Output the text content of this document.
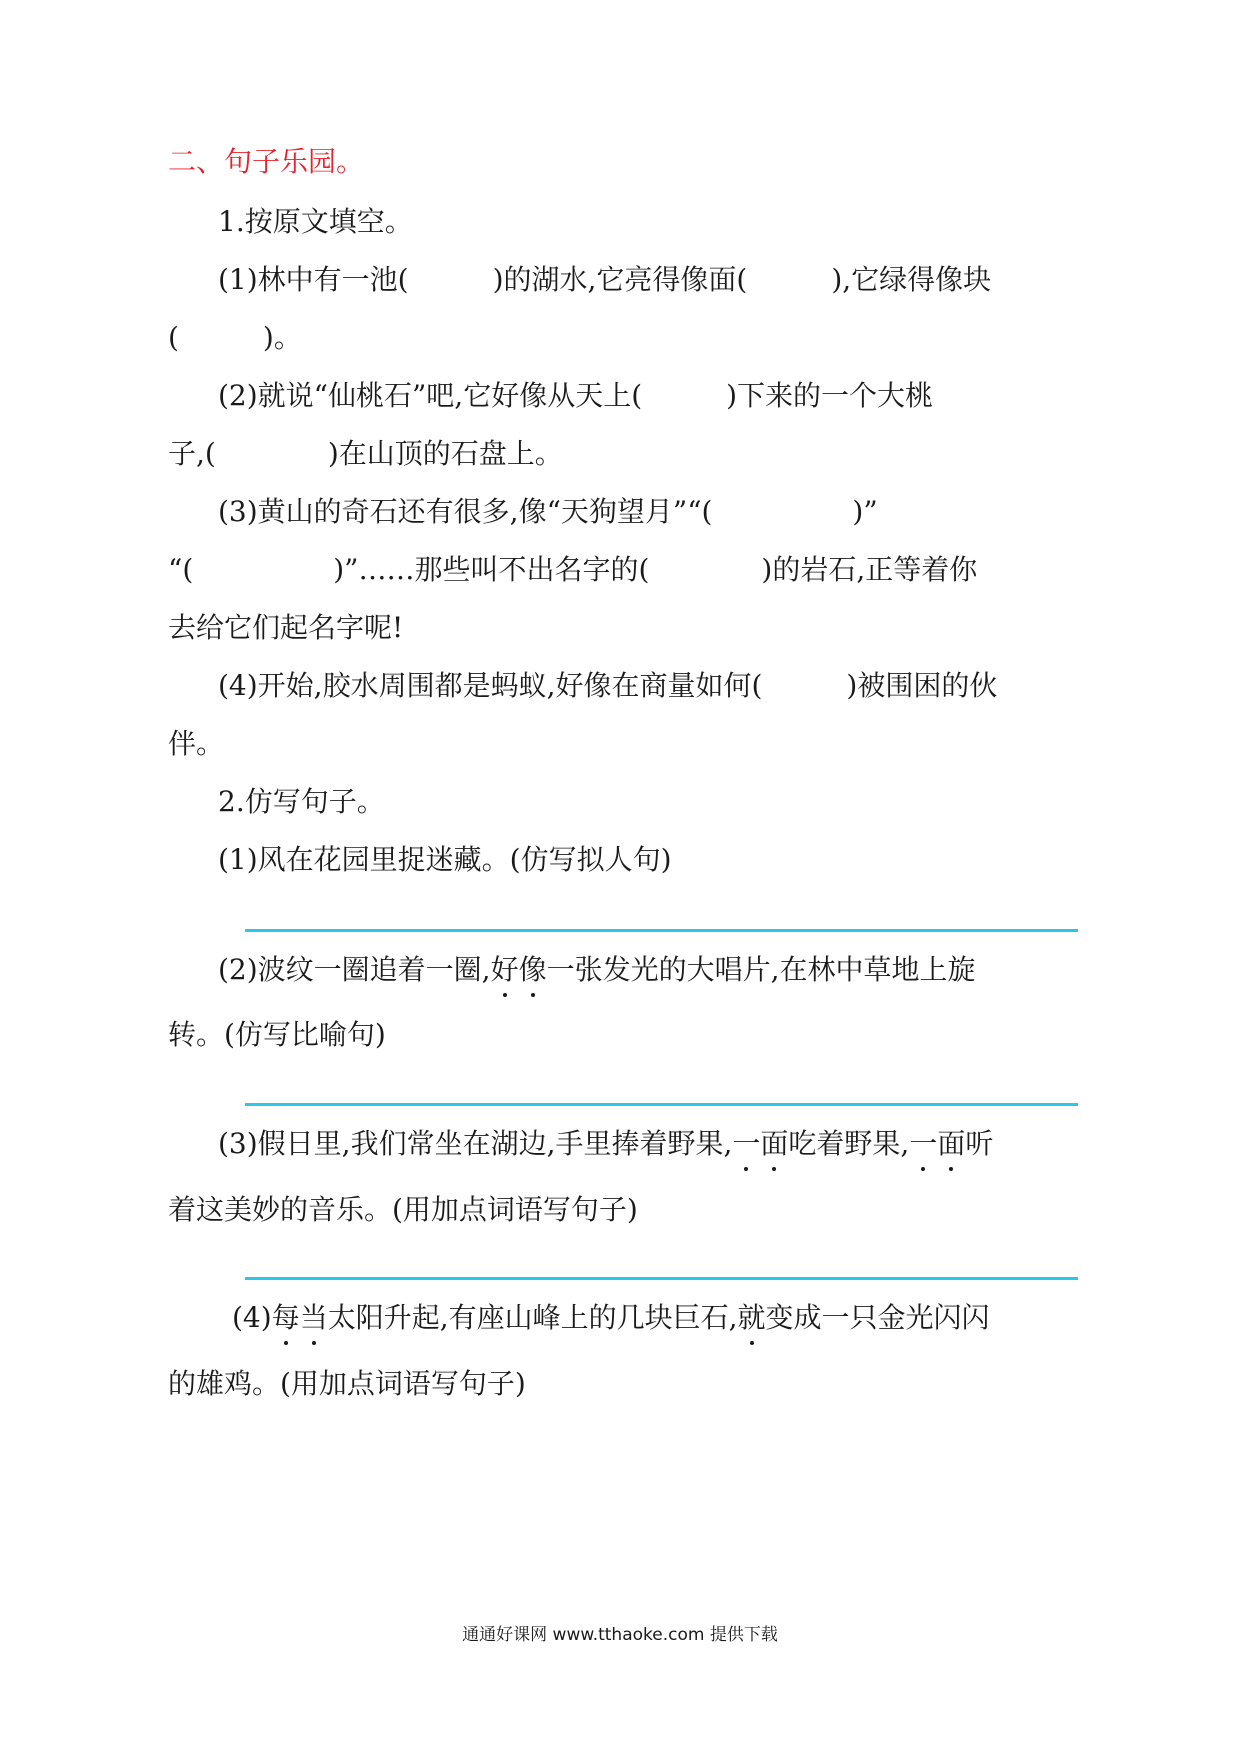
二、句子乐园。
1.按原文填空。
(1)林中有一池(　　　)的湖水,它亮得像面(　　　),它绿得像块
(　　　)。
(2)就说“仙桃石”吧,它好像从天上(　　　)下来的一个大桃
子,(　　　　)在山顶的石盘上。
(3)黄山的奇石还有很多,像“天狗望月”“(　　　　　)”
“(　　　　　)”……那些叫不出名字的(　　　　)的岩石,正等着你
去给它们起名字呢!
(4)开始,胶水周围都是蚂蚁,好像在商量如何(　　　)被围困的伙
伴。
2.仿写句子。
(1)风在花园里捉迷藏。(仿写拟人句)
(2)波纹一圈追着一圈,好像一张发光的大唱片,在林中草地上旋
转。(仿写比喻句)
(3)假日里,我们常坐在湖边,手里捧着野果,一面吃着野果,一面听
着这美妙的音乐。(用加点词语写句子)
(4)每当太阳升起,有座山峰上的几块巨石,就变成一只金光闪闪
的雄鸡。(用加点词语写句子)
通通好课网 www.tthaoke.com 提供下载
